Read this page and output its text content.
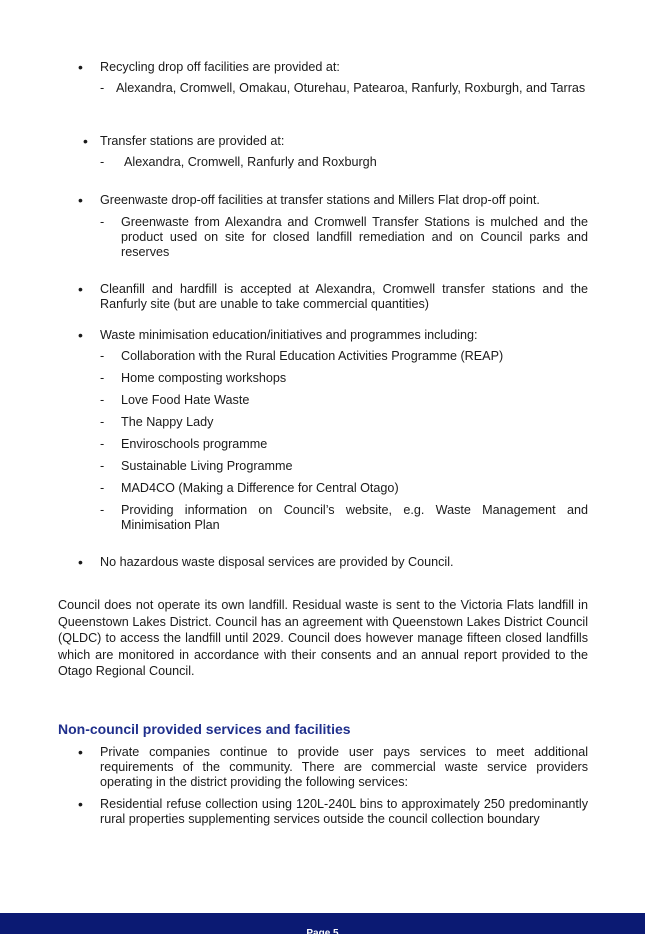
• Recycling drop off facilities are provided at:
- Alexandra, Cromwell, Omakau, Oturehau, Patearoa, Ranfurly, Roxburgh, and Tarras
• Transfer stations are provided at:
- Alexandra, Cromwell, Ranfurly and Roxburgh
• Greenwaste drop-off facilities at transfer stations and Millers Flat drop-off point.
- Greenwaste from Alexandra and Cromwell Transfer Stations is mulched and the product used on site for closed landfill remediation and on Council parks and reserves
• Cleanfill and hardfill is accepted at Alexandra, Cromwell transfer stations and the Ranfurly site (but are unable to take commercial quantities)
• Waste minimisation education/initiatives and programmes including:
- Collaboration with the Rural Education Activities Programme (REAP)
- Home composting workshops
- Love Food Hate Waste
- The Nappy Lady
- Enviroschools programme
- Sustainable Living Programme
- MAD4CO (Making a Difference for Central Otago)
- Providing information on Council’s website, e.g. Waste Management and Minimisation Plan
• No hazardous waste disposal services are provided by Council.
Council does not operate its own landfill. Residual waste is sent to the Victoria Flats landfill in Queenstown Lakes District. Council has an agreement with Queenstown Lakes District Council (QLDC) to access the landfill until 2029. Council does however manage fifteen closed landfills which are monitored in accordance with their consents and an annual report provided to the Otago Regional Council.
Non-council provided services and facilities
• Private companies continue to provide user pays services to meet additional requirements of the community. There are commercial waste service providers operating in the district providing the following services:
• Residential refuse collection using 120L-240L bins to approximately 250 predominantly rural properties supplementing services outside the council collection boundary
Page 5
